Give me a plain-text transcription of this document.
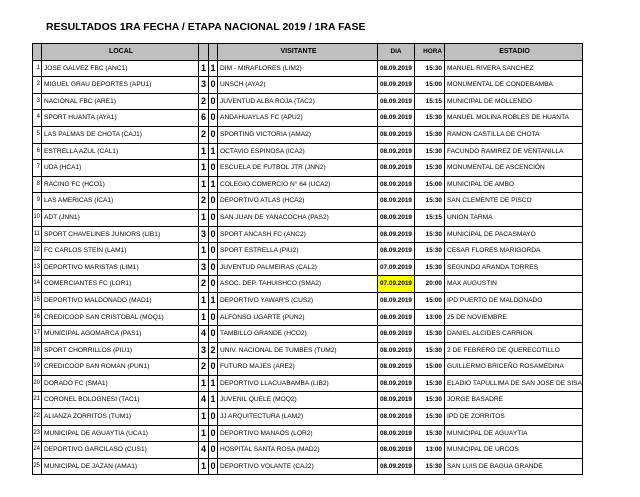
RESULTADOS 1RA FECHA / ETAPA NACIONAL 2019 / 1RA FASE
	LOCAL			VISITANTE	DIA	HORA	ESTADIO
1	JOSE GALVEZ FBC (ANC1)	1	1	DIM - MIRAFLORES (LIM2)	08.09.2019	15:30	MANUEL RIVERA SANCHEZ
2	MIGUEL GRAU DEPORTES (APU1)	3	0	UNSCH (AYA2)	08.09.2019	15:00	MONUMENTAL DE CONDEBAMBA
3	NACIONAL FBC (ARE1)	2	0	JUVENTUD ALBA ROJA (TAC2)	08.09.2019	15:15	MUNICIPAL DE MOLLENDO
4	SPORT HUANTA (AYA1)	6	0	ANDAHUAYLAS FC (APU2)	08.09.2019	15:30	MANUEL MOLINA ROBLES DE HUANTA
5	LAS PALMAS DE CHOTA (CAJ1)	2	0	SPORTING VICTORIA (AMA2)	08.09.2019	15:30	RAMON CASTILLA DE CHOTA
6	ESTRELLA AZUL (CAL1)	1	1	OCTAVIO ESPINOSA (ICA2)	08.09.2019	15:30	FACUNDO RAMIREZ DE VENTANILLA
7	UDA (HCA1)	1	0	ESCUELA DE FUTBOL JTR (JNN2)	08.09.2019	15:30	MONUMENTAL DE ASCENCIÓN
8	RACING FC (HCO1)	1	1	COLEGIO COMERCIO N° 64 (UCA2)	08.09.2019	15:00	MUNICIPAL DE AMBO
9	LAS AMERICAS (ICA1)	2	0	DEPORTIVO ATLAS (HCA2)	08.09.2019	15:30	SAN CLEMENTE DE PISCO
10	ADT (JNN1)	1	0	SAN JUAN DE YANACOCHA (PAS2)	08.09.2019	15:15	UNION TARMA
11	SPORT CHAVELINES JUNIORS (LIB1)	3	0	SPORT ANCASH FC (ANC2)	08.09.2019	15:30	MUNICIPAL DE PACASMAYO
12	FC CARLOS STEIN (LAM1)	1	0	SPORT ESTRELLA (PIU2)	08.09.2019	15:30	CESAR FLORES MARIGORDA
13	DEPORTIVO MARISTAS (LIM1)	3	0	JUVENTUD PALMEIRAS (CAL2)	07.09.2019	15:30	SEGUNDO ARANDA TORRES
14	COMERCIANTES FC (LOR1)	2	0	ASOC. DEP. TAHUISHCO (SMA2)	07.09.2019	20:00	MAX AUGUSTIN
15	DEPORTIVO MALDONADO (MAD1)	1	1	DEPORTIVO YAWAR'S (CUS2)	08.09.2019	15:00	IPD PUERTO DE MALDONADO
16	CREDICOOP SAN CRISTOBAL (MOQ1)	1	0	ALFONSO UGARTE (PUN2)	08.09.2019	13:00	25 DE NOVIEMBRE
17	MUNICIPAL AGOMARCA (PAS1)	4	0	TAMBILLO GRANDE (HCO2)	08.09.2019	15:30	DANIEL ALCIDES CARRION
18	SPORT CHORRILLOS (PIU1)	3	2	UNIV. NACIONAL DE TUMBES (TUM2)	08.09.2019	15:30	2 DE FEBRERO DE QUERECOTILLO
19	CREDICOOP SAN ROMAN (PUN1)	2	0	FUTURO MAJES (ARE2)	08.09.2019	15:00	GUILLERMO BRICEÑO ROSAMEDINA
20	DORADO FC (SMA1)	1	1	DEPORTIVO LLACUABAMBA (LIB2)	08.09.2019	15:30	ELADIO TAPULLIMA DE SAN JOSE DE SISA
21	CORONEL BOLOGNESI (TAC1)	4	1	JUVENIL QUELE (MOQ2)	08.09.2019	15:30	JORGE BASADRE
22	ALIANZA ZORRITOS (TUM1)	1	0	JJ ARQUITECTURA (LAM2)	08.09.2019	15:30	IPD DE ZORRITOS
23	MUNICIPAL DE AGUAYTIA (UCA1)	1	0	DEPORTIVO MANAOS (LOR2)	08.09.2019	15:30	MUNICIPAL DE AGUAYTIA
24	DEPORTIVO GARCILASO (CUS1)	4	0	HOSPITAL SANTA ROSA (MAD2)	08.09.2019	13:00	MUNICIPAL DE URCOS
25	MUNICIPAL DE JAZAN (AMA1)	1	0	DEPORTIVO VOLANTE (CAJ2)	08.09.2019	15:30	SAN LUIS DE BAGUA GRANDE
